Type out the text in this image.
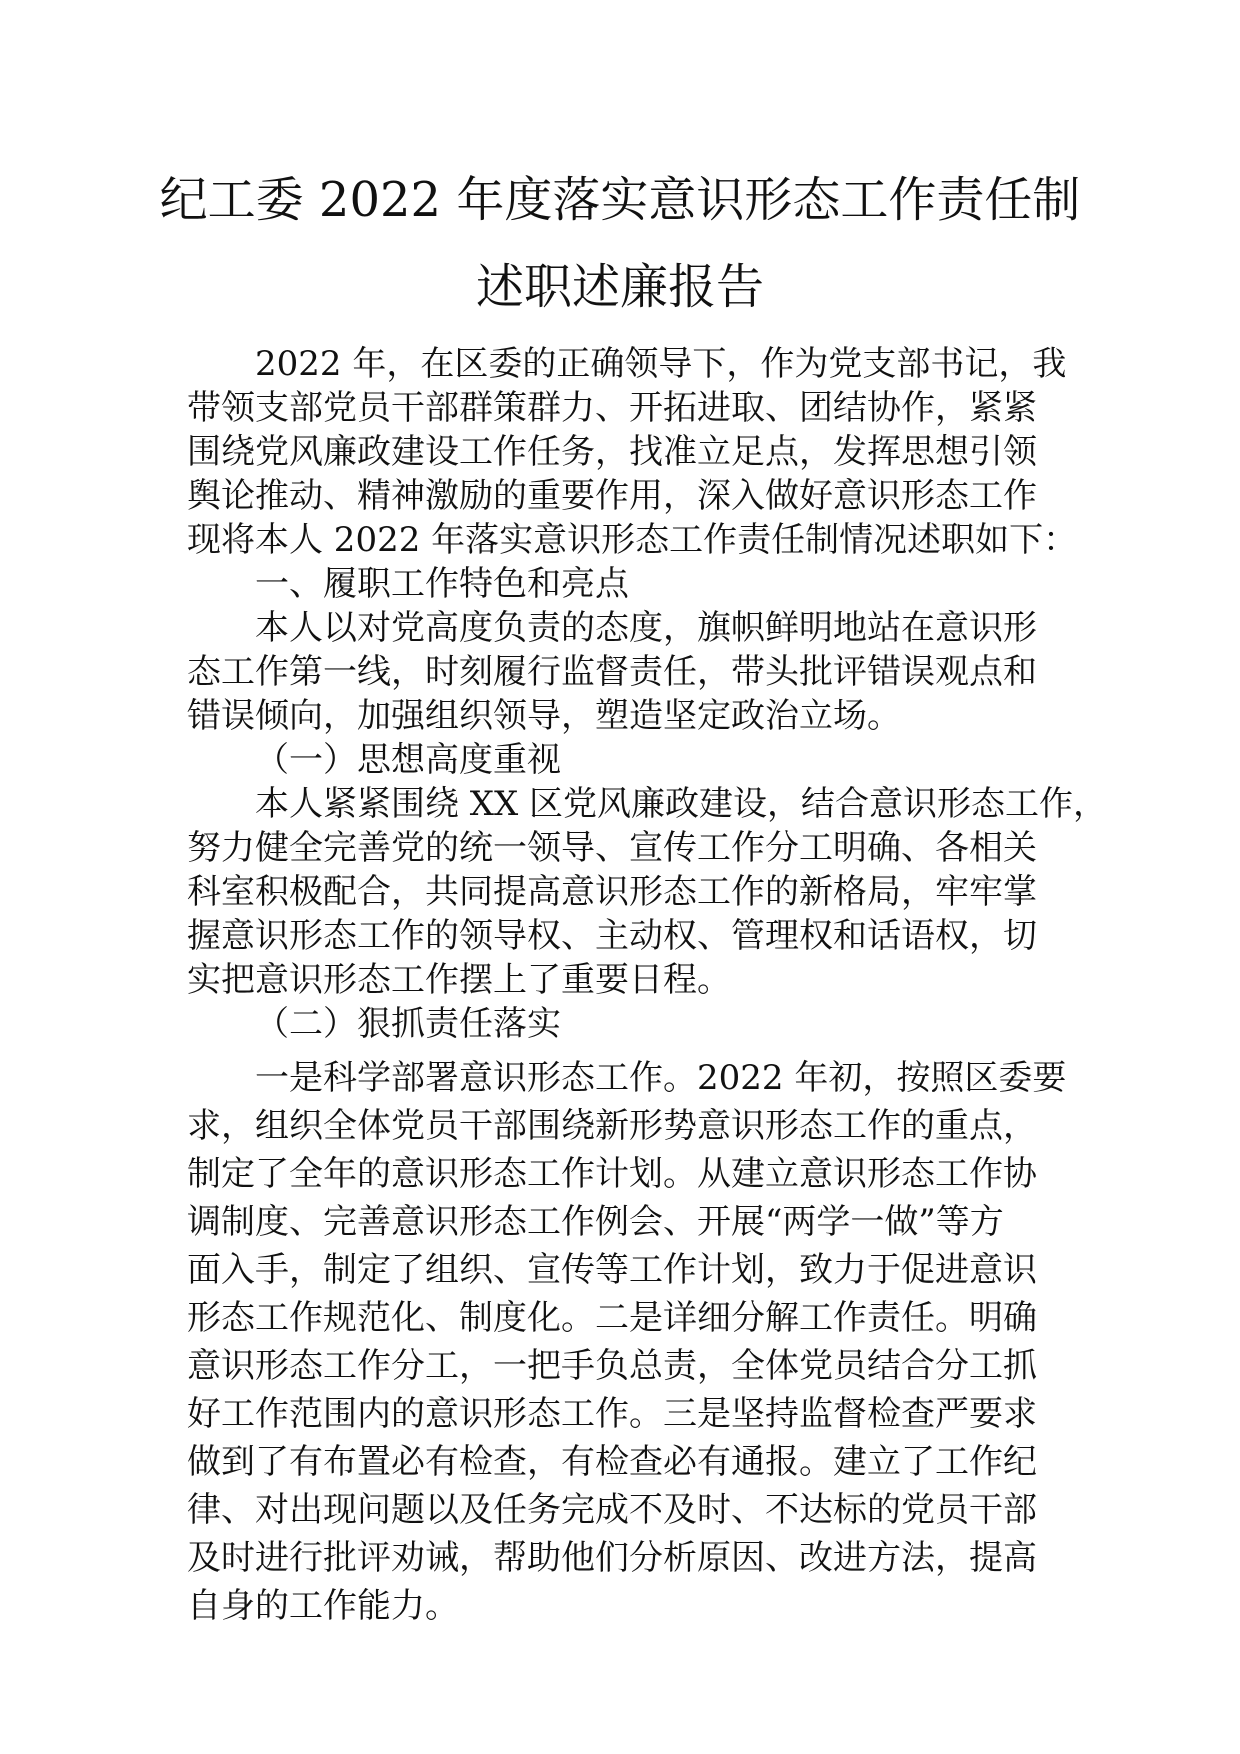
纪工委 2022 年度落实意识形态工作责任制
述职述廉报告
2022 年，在区委的正确领导下，作为党支部书记，我
带领支部党员干部群策群力、开拓进取、团结协作，紧紧
围绕党风廉政建设工作任务，找准立足点，发挥思想引领
舆论推动、精神激励的重要作用，深入做好意识形态工作
现将本人 2022 年落实意识形态工作责任制情况述职如下：
一、履职工作特色和亮点
本人以对党高度负责的态度，旗帜鲜明地站在意识形
态工作第一线，时刻履行监督责任，带头批评错误观点和
错误倾向，加强组织领导，塑造坚定政治立场。
（一）思想高度重视
本人紧紧围绕 XX 区党风廉政建设，结合意识形态工作，
努力健全完善党的统一领导、宣传工作分工明确、各相关
科室积极配合，共同提高意识形态工作的新格局，牢牢掌
握意识形态工作的领导权、主动权、管理权和话语权，切
实把意识形态工作摆上了重要日程。
（二）狠抓责任落实
一是科学部署意识形态工作。2022 年初，按照区委要
求，组织全体党员干部围绕新形势意识形态工作的重点，
制定了全年的意识形态工作计划。从建立意识形态工作协
调制度、完善意识形态工作例会、开展“两学一做”等方
面入手，制定了组织、宣传等工作计划，致力于促进意识
形态工作规范化、制度化。二是详细分解工作责任。明确
意识形态工作分工，一把手负总责，全体党员结合分工抓
好工作范围内的意识形态工作。三是坚持监督检查严要求
做到了有布置必有检查，有检查必有通报。建立了工作纪
律、对出现问题以及任务完成不及时、不达标的党员干部
及时进行批评劝诫，帮助他们分析原因、改进方法，提高
自身的工作能力。
